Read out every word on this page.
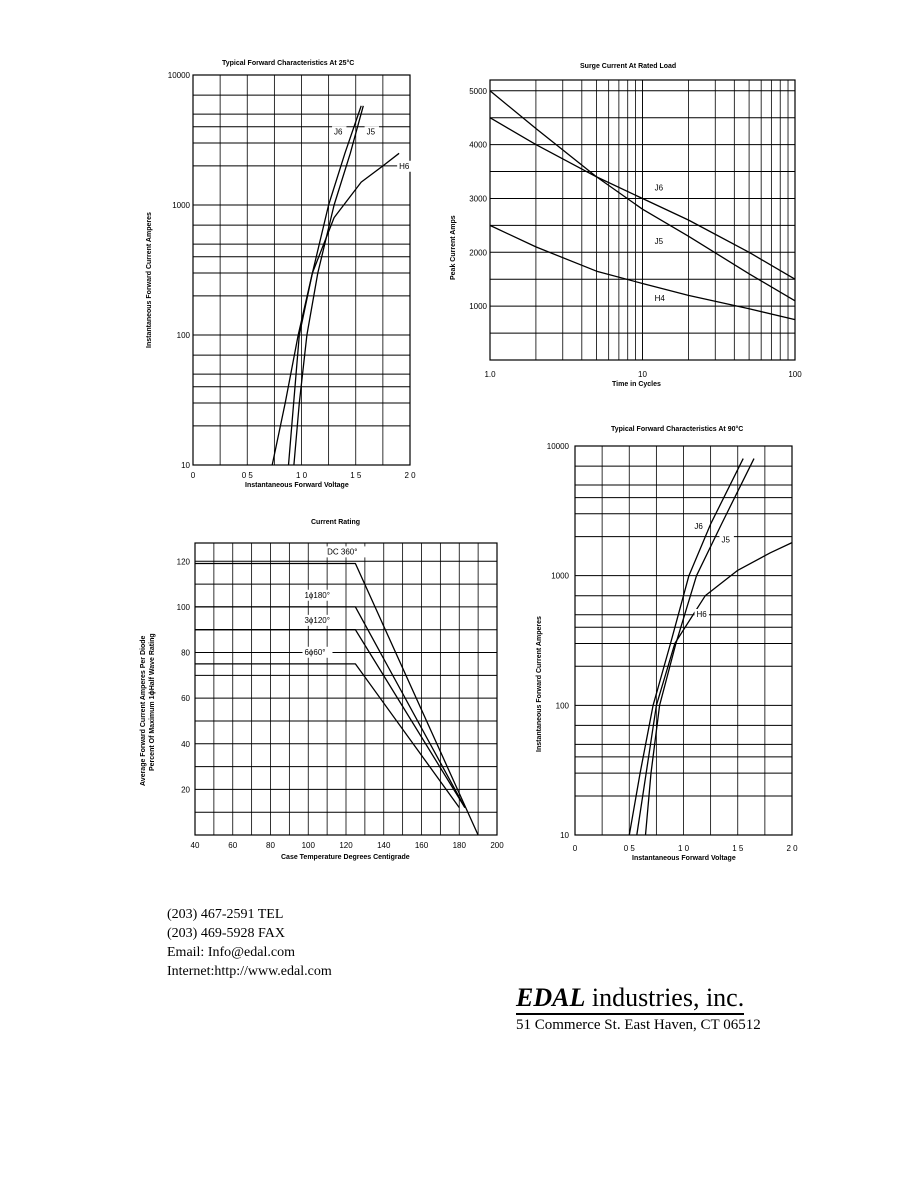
Typical Forward Characteristics At 25°C
0	0 5	1 0	1 5	2 0
10
100
1000
10000
J6	J5
H6
1.0	10	100
1000
2000
3000
4000
5000
J6
J5
H4
40	60	80	100	120	140	160	180	200
20
40
60
80
100
120
DC 360°
1ϕ180°
3ϕ120°
6ϕ60°
0	0 5	1 0	1 5	2 0
10
100
1000
10000
J6
J5
H6
Instantaneous Forward Voltage
Instantaneous Forward Current Amperes
Surge Current At Rated Load
Time in Cycles
Peak Current Amps
Current Rating
Case Temperature Degrees Centigrade
Average Forward Current Amperes Per Diode Percent Of Maximum 1ϕHalf Wave Rating
Typical Forward Characteristics At 90°C
Instantaneous Forward Voltage
Instantaneous Forward Current Amperes
(203) 467-2591 TEL
(203) 469-5928 FAX
Email: Info@edal.com
Internet:http://www.edal.com
EDAL industries, inc.
51 Commerce St. East Haven, CT 06512
